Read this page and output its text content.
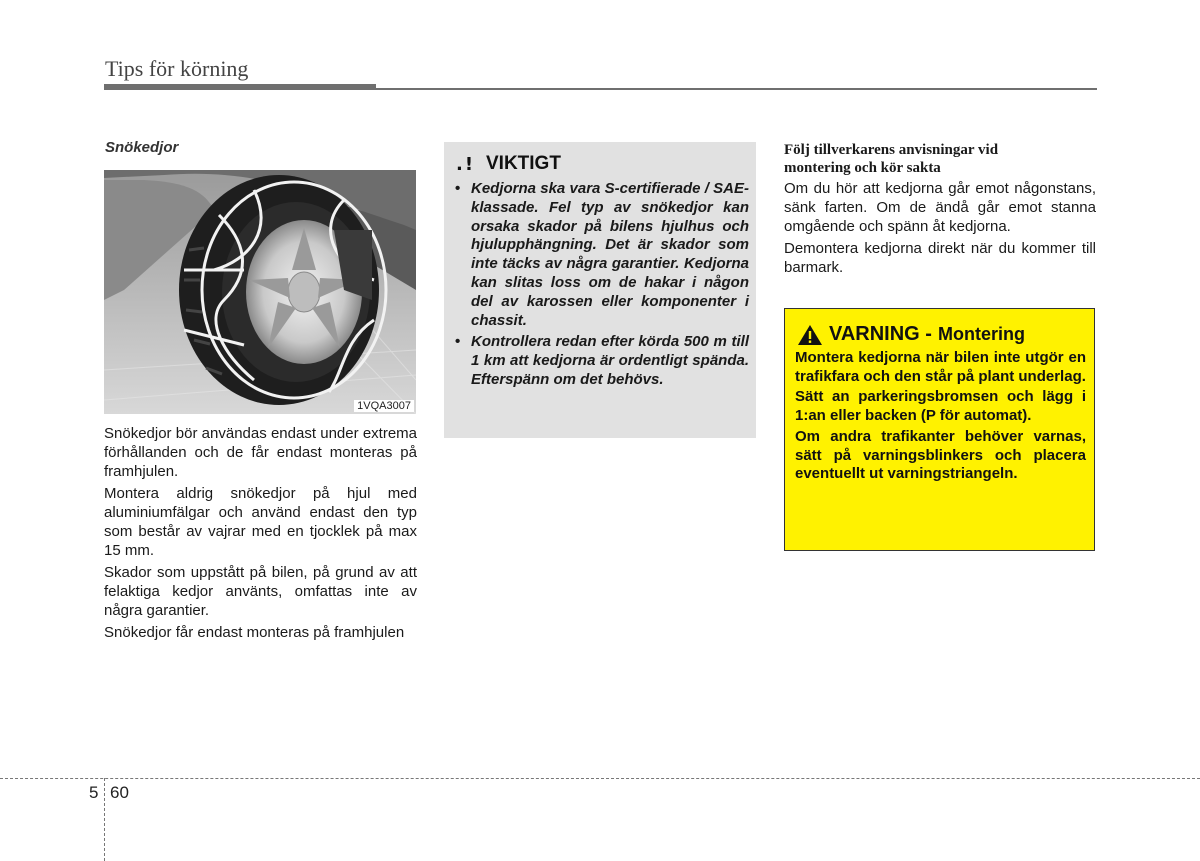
Tips för körning
Snökedjor
1VQA3007

Snökedjor bör användas endast under extrema förhållanden och de får endast monteras på framhjulen.

Montera aldrig snökedjor på hjul med aluminiumfälgar och använd endast den typ som består av vajrar med en tjocklek på max 15 mm.

Skador som uppstått på bilen, på grund av att felaktiga kedjor använts, omfattas inte av några garantier.

Snökedjor får endast monteras på framhjulen

.! VIKTIGT
• Kedjorna ska vara S-certifierade / SAE-klassade. Fel typ av snökedjor kan orsaka skador på bilens hjulhus och hjulupphängning. Det är skador som inte täcks av några garantier. Kedjorna kan slitas loss om de hakar i någon del av karossen eller komponenter i chassit.
• Kontrollera redan efter körda 500 m till 1 km att kedjorna är ordentligt spända. Efterspänn om det behövs.
Följ tillverkarens anvisningar vid montering och kör sakta

Om du hör att kedjorna går emot någonstans, sänk farten. Om de ändå går emot stanna omgående och spänn åt kedjorna.

Demontera kedjorna direkt när du kommer till barmark.

VARNING - Montering

Montera kedjorna när bilen inte utgör en trafikfara och den står på plant underlag.

Sätt an parkeringsbromsen och lägg i 1:an eller backen (P för automat).

Om andra trafikanter behöver varnas, sätt på varningsblinkers och placera eventuellt ut varningstriangeln.

5 60
